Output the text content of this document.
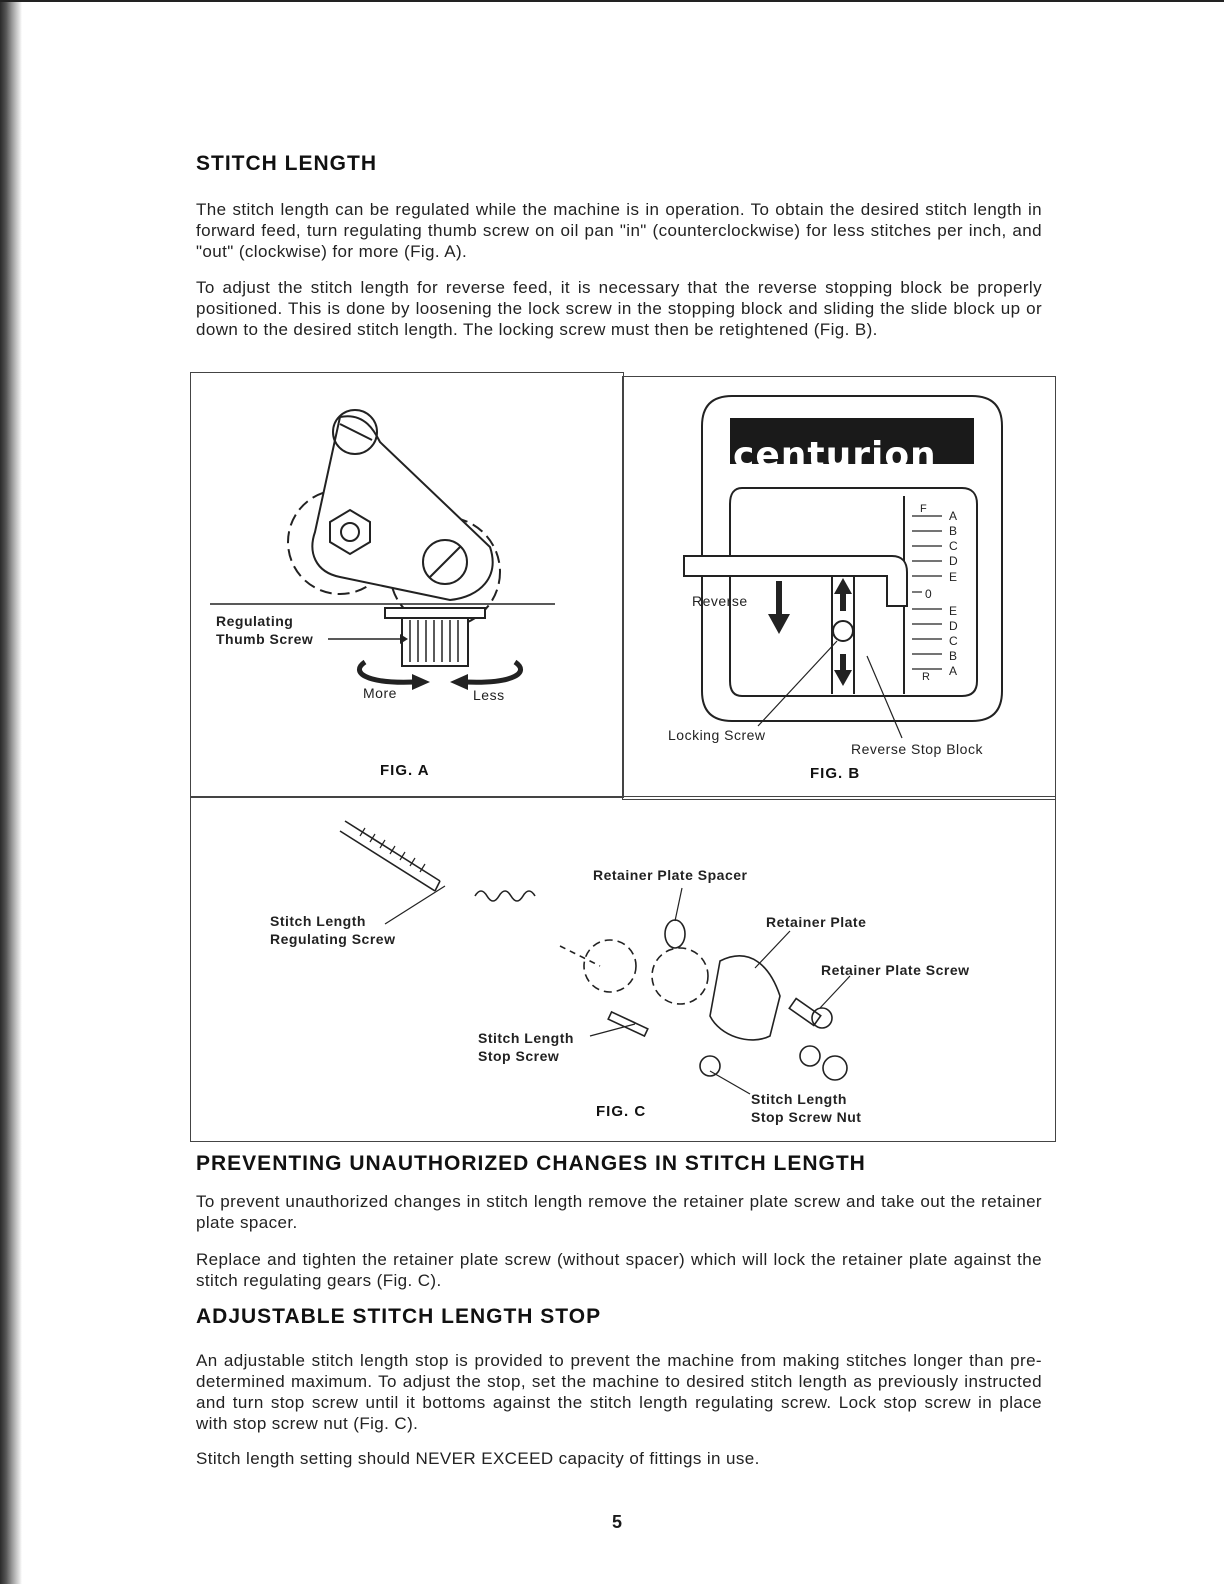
STITCH LENGTH

The stitch length can be regulated while the machine is in operation. To obtain the desired stitch length in forward feed, turn regulating thumb screw on oil pan "in" (counterclockwise) for less stitches per inch, and "out" (clockwise) for more (Fig. A).

To adjust the stitch length for reverse feed, it is necessary that the reverse stopping block be properly positioned. This is done by loosening the lock screw in the stopping block and sliding the slide block up or down to the desired stitch length. The locking screw must then be retightened (Fig. B).

Regulating
Thumb Screw

More	Less

FIG. A

centurion

Reverse

F

R

0

A

B

C

D

E

E

D

C

B

A

Locking Screw

Reverse Stop Block

FIG. B

Stitch Length
Regulating Screw

Retainer Plate Spacer

Retainer Plate

Retainer Plate Screw

Stitch Length
Stop Screw

Stitch Length
Stop Screw Nut

FIG. C

PREVENTING UNAUTHORIZED CHANGES IN STITCH LENGTH

To prevent unauthorized changes in stitch length remove the retainer plate screw and take out the retainer plate spacer.

Replace and tighten the retainer plate screw (without spacer) which will lock the retainer plate against the stitch regulating gears (Fig. C).

ADJUSTABLE STITCH LENGTH STOP

An adjustable stitch length stop is provided to prevent the machine from making stitches longer than pre-determined maximum. To adjust the stop, set the machine to desired stitch length as previously instructed and turn stop screw until it bottoms against the stitch length regulating screw. Lock stop screw in place with stop screw nut (Fig. C).

Stitch length setting should NEVER EXCEED capacity of fittings in use.

5
